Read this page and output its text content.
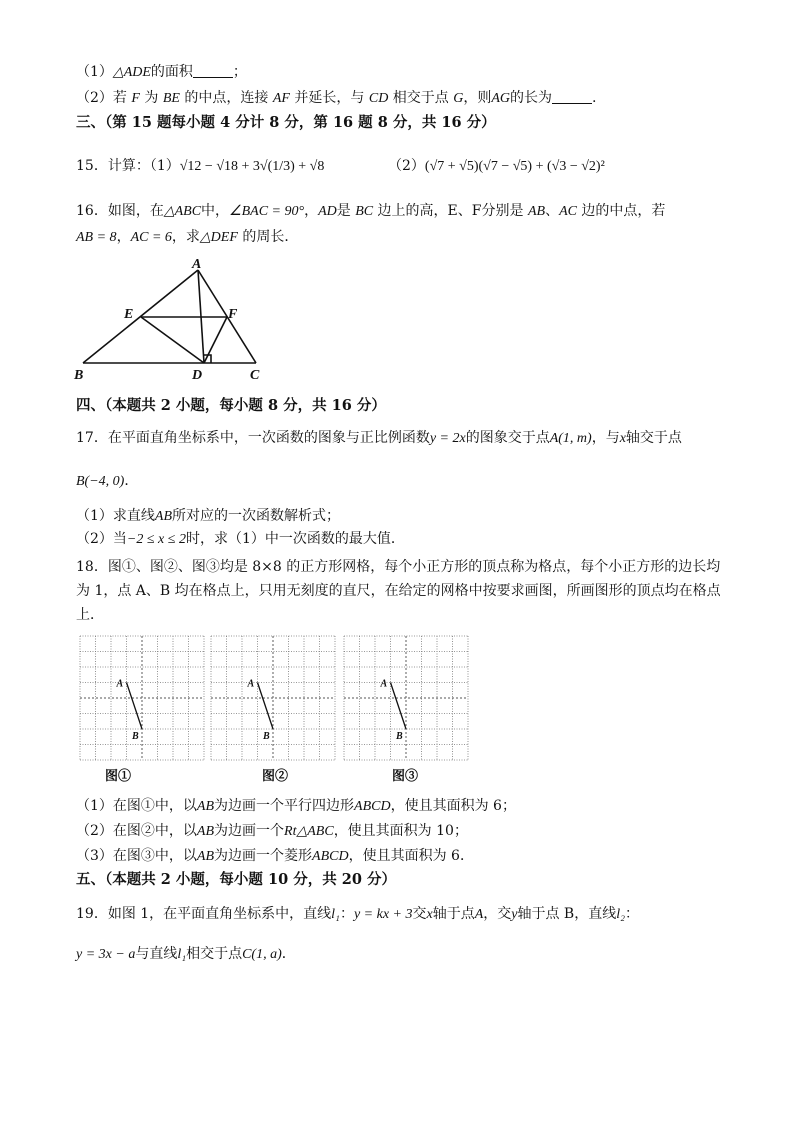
（1）△ADE的面积	；
（2）若 F 为 BE 的中点，连接 AF 并延长，与 CD 相交于点 G，则AG的长为	.
三、（第 15 题每小题 4 分计 8 分，第 16 题 8 分，共 16 分）
15．计算：（1）√12 − √18 + 3√(1/3) + √8	（2）(√7 + √5)(√7 − √5) + (√3 − √2)²
16．如图，在△ABC中，∠BAC = 90°，AD是 BC 边上的高，E、F分别是 AB、AC 边的中点，若
AB = 8，AC = 6，求△DEF 的周长．
A
B	C
D
E	F
四、（本题共 2 小题，每小题 8 分，共 16 分）
17．在平面直角坐标系中，一次函数的图象与正比例函数y = 2x的图象交于点A(1, m)，与x轴交于点
B(−4, 0)．
（1）求直线AB所对应的一次函数解析式；
（2）当−2 ≤ x ≤ 2时，求（1）中一次函数的最大值．
18．图①、图②、图③均是 8×8 的正方形网格，每个小正方形的顶点称为格点，每个小正方形的边长均
为 1，点 A、B 均在格点上，只用无刻度的直尺，在给定的网格中按要求画图，所画图形的顶点均在格点
上．
A
B
A
B
A
B
图①	图②	图③
（1）在图①中，以AB为边画一个平行四边形ABCD，使且其面积为 6；
（2）在图②中，以AB为边画一个Rt△ABC，使且其面积为 10；
（3）在图③中，以AB为边画一个菱形ABCD，使且其面积为 6．
五、（本题共 2 小题，每小题 10 分，共 20 分）
19．如图 1，在平面直角坐标系中，直线l₁：y = kx + 3交x轴于点A，交y轴于点 B，直线l₂：
y = 3x − a与直线l₁相交于点C(1, a)．
